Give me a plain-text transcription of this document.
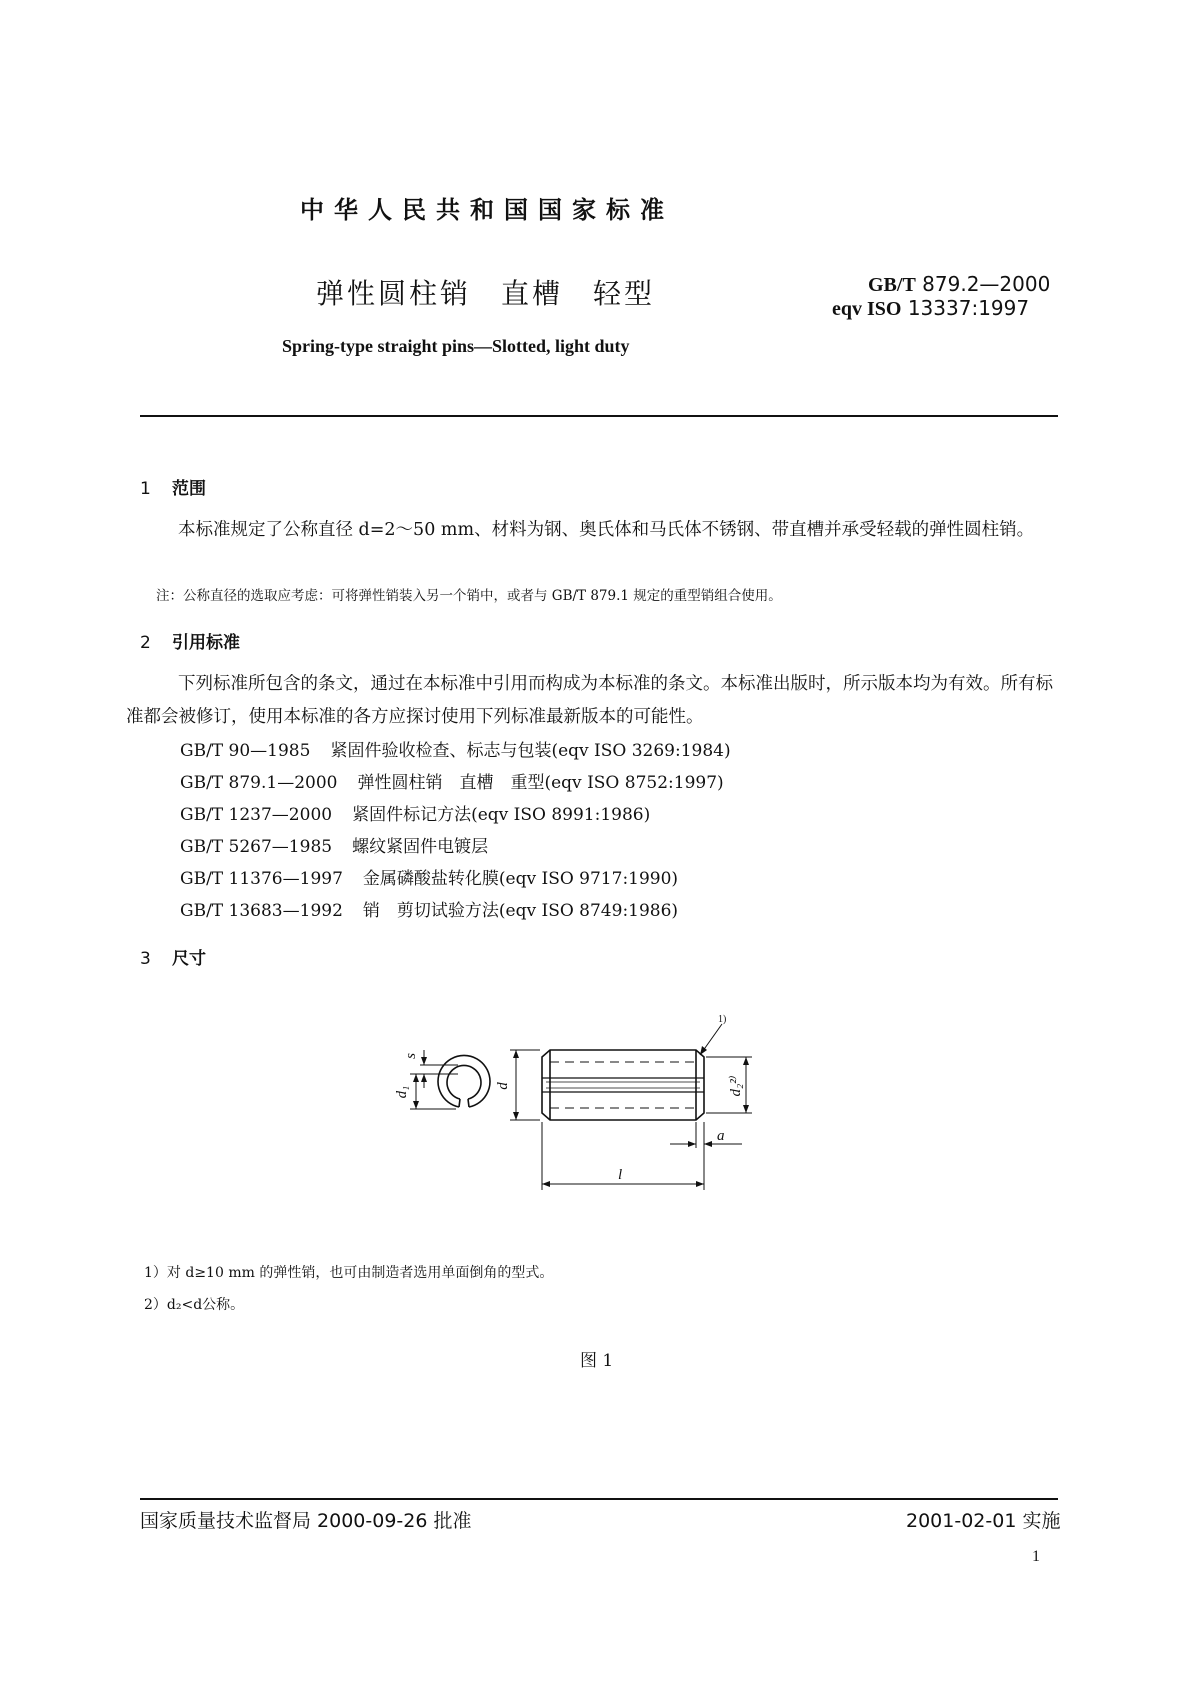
中华人民共和国国家标准
弹性圆柱销 直槽 轻型	GB/T 879.2—2000
eqv ISO 13337:1997
Spring-type straight pins—Slotted, light duty
1 范围
本标准规定了公称直径 d=2～50 mm、材料为钢、奥氏体和马氏体不锈钢、带直槽并承受轻载的弹性圆柱销。
注：公称直径的选取应考虑：可将弹性销装入另一个销中，或者与 GB/T 879.1 规定的重型销组合使用。
2 引用标准
下列标准所包含的条文，通过在本标准中引用而构成为本标准的条文。本标准出版时，所示版本均为有效。所有标准都会被修订，使用本标准的各方应探讨使用下列标准最新版本的可能性。
GB/T 90—1985 紧固件验收检查、标志与包装(eqv ISO 3269:1984)
GB/T 879.1—2000 弹性圆柱销　直槽　重型(eqv ISO 8752:1997)
GB/T 1237—2000 紧固件标记方法(eqv ISO 8991:1986)
GB/T 5267—1985 螺纹紧固件电镀层
GB/T 11376—1997 金属磷酸盐转化膜(eqv ISO 9717:1990)
GB/T 13683—1992 销　剪切试验方法(eqv ISO 8749:1986)
3 尺寸
s
d₁	d	d₂²⁾
a
l
1)
1）对 d≥10 mm 的弹性销，也可由制造者选用单面倒角的型式。
2）d₂<d公称。
图 1
国家质量技术监督局 2000-09-26 批准	2001-02-01 实施
1
